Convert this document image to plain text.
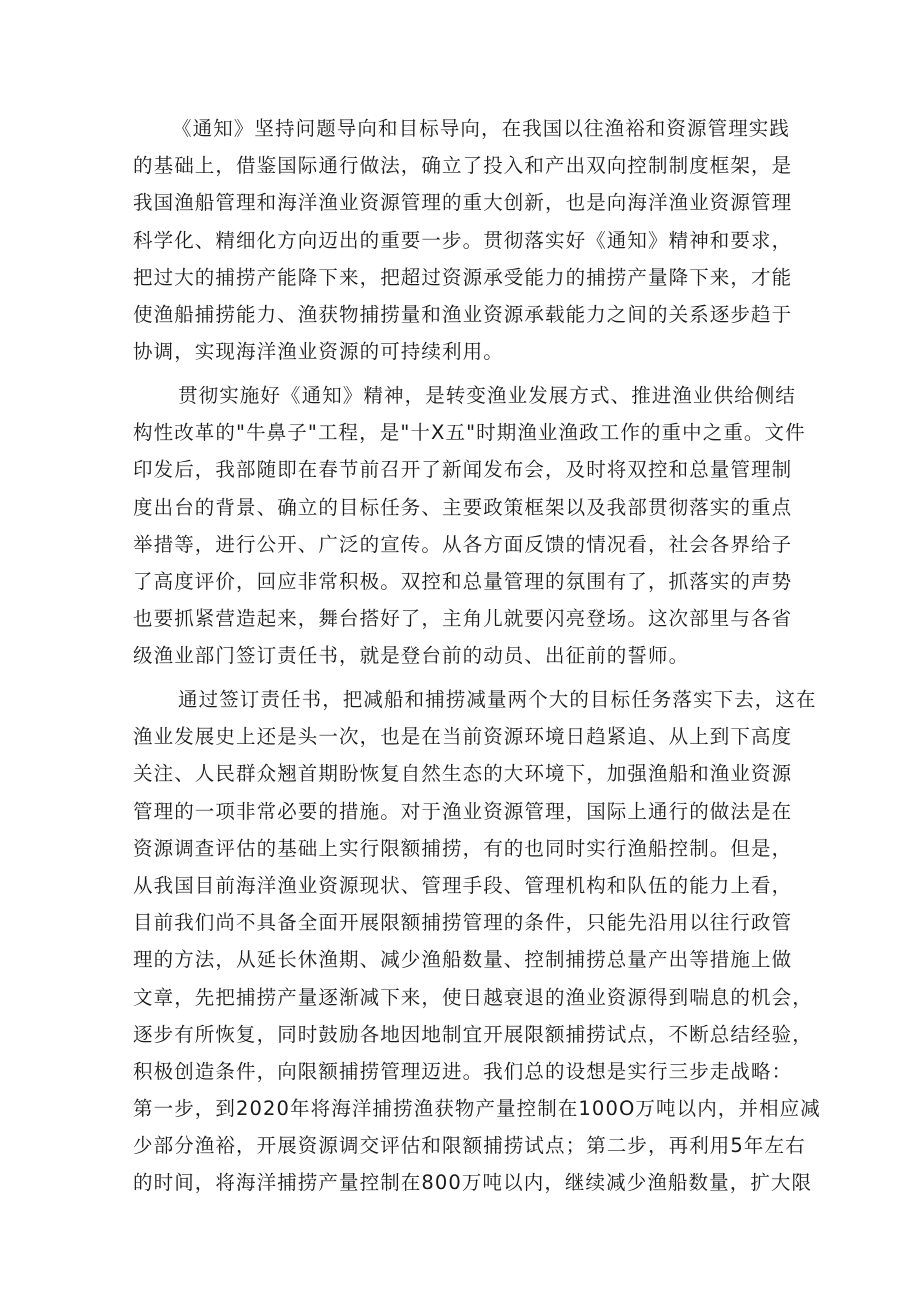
《通知》坚持问题导向和目标导向，在我国以往渔裕和资源管理实践
的基础上，借鉴国际通行做法，确立了投入和产出双向控制制度框架，是
我国渔船管理和海洋渔业资源管理的重大创新，也是向海洋渔业资源管理
科学化、精细化方向迈出的重要一步。贯彻落实好《通知》精神和要求，
把过大的捕捞产能降下来，把超过资源承受能力的捕捞产量降下来，才能
使渔船捕捞能力、渔获物捕捞量和渔业资源承载能力之间的关系逐步趋于
协调，实现海洋渔业资源的可持续利用。
贯彻实施好《通知》精神，是转变渔业发展方式、推进渔业供给侧结
构性改革的"牛鼻子"工程，是"十X五"时期渔业渔政工作的重中之重。文件
印发后，我部随即在春节前召开了新闻发布会，及时将双控和总量管理制
度出台的背景、确立的目标任务、主要政策框架以及我部贯彻落实的重点
举措等，进行公开、广泛的宣传。从各方面反馈的情况看，社会各界给子
了高度评价，回应非常积极。双控和总量管理的氛围有了，抓落实的声势
也要抓紧营造起来，舞台搭好了，主角儿就要闪亮登场。这次部里与各省
级渔业部门签订责任书，就是登台前的动员、出征前的誓师。
通过签订责任书，把减船和捕捞减量两个大的目标任务落实下去，这在
渔业发展史上还是头一次，也是在当前资源环境日趋紧追、从上到下高度
关注、人民群众翘首期盼恢复自然生态的大环境下，加强渔船和渔业资源
管理的一项非常必要的措施。对于渔业资源管理，国际上通行的做法是在
资源调查评估的基础上实行限额捕捞，有的也同时实行渔船控制。但是，
从我国目前海洋渔业资源现状、管理手段、管理机构和队伍的能力上看，
目前我们尚不具备全面开展限额捕捞管理的条件，只能先沿用以往行政管
理的方法，从延长休渔期、减少渔船数量、控制捕捞总量产出等措施上做
文章，先把捕捞产量逐渐减下来，使日越衰退的渔业资源得到喘息的机会，
逐步有所恢复，同时鼓励各地因地制宜开展限额捕捞试点，不断总结经验，
积极创造条件，向限额捕捞管理迈进。我们总的设想是实行三步走战略：
第一步，到2020年将海洋捕捞渔获物产量控制在100O万吨以内，并相应减
少部分渔裕，开展资源调交评估和限额捕捞试点；第二步，再利用5年左右
的时间，将海洋捕捞产量控制在800万吨以内，继续减少渔船数量，扩大限
